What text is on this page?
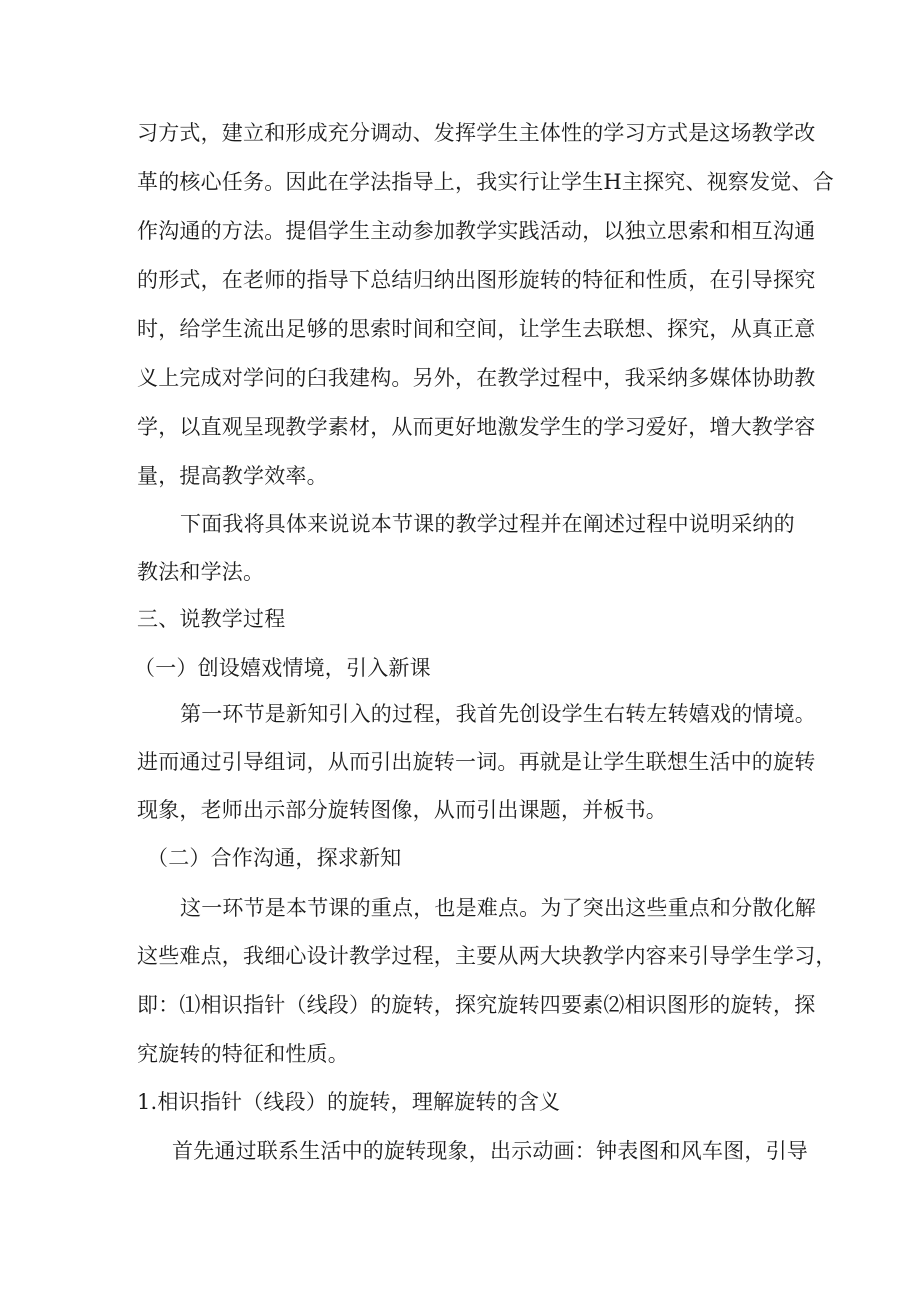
习方式，建立和形成充分调动、发挥学生主体性的学习方式是这场教学改
革的核心任务。因此在学法指导上，我实行让学生H主探究、视察发觉、合
作沟通的方法。提倡学生主动参加教学实践活动，以独立思索和相互沟通
的形式，在老师的指导下总结归纳出图形旋转的特征和性质，在引导探究
时，给学生流出足够的思索时间和空间，让学生去联想、探究，从真正意
义上完成对学问的臼我建构。另外，在教学过程中，我采纳多媒体协助教
学，以直观呈现教学素材，从而更好地激发学生的学习爱好，增大教学容
量，提高教学效率。
下面我将具体来说说本节课的教学过程并在阐述过程中说明采纳的
教法和学法。
三、说教学过程
（一）创设嬉戏情境，引入新课
第一环节是新知引入的过程，我首先创设学生右转左转嬉戏的情境。
进而通过引导组词，从而引出旋转一词。再就是让学生联想生活中的旋转
现象，老师出示部分旋转图像，从而引出课题，并板书。
（二）合作沟通，探求新知
这一环节是本节课的重点，也是难点。为了突出这些重点和分散化解
这些难点，我细心设计教学过程，主要从两大块教学内容来引导学生学习，
即：⑴相识指针（线段）的旋转，探究旋转四要素⑵相识图形的旋转，探
究旋转的特征和性质。
1.相识指针（线段）的旋转，理解旋转的含义
首先通过联系生活中的旋转现象，出示动画：钟表图和风车图，引导
